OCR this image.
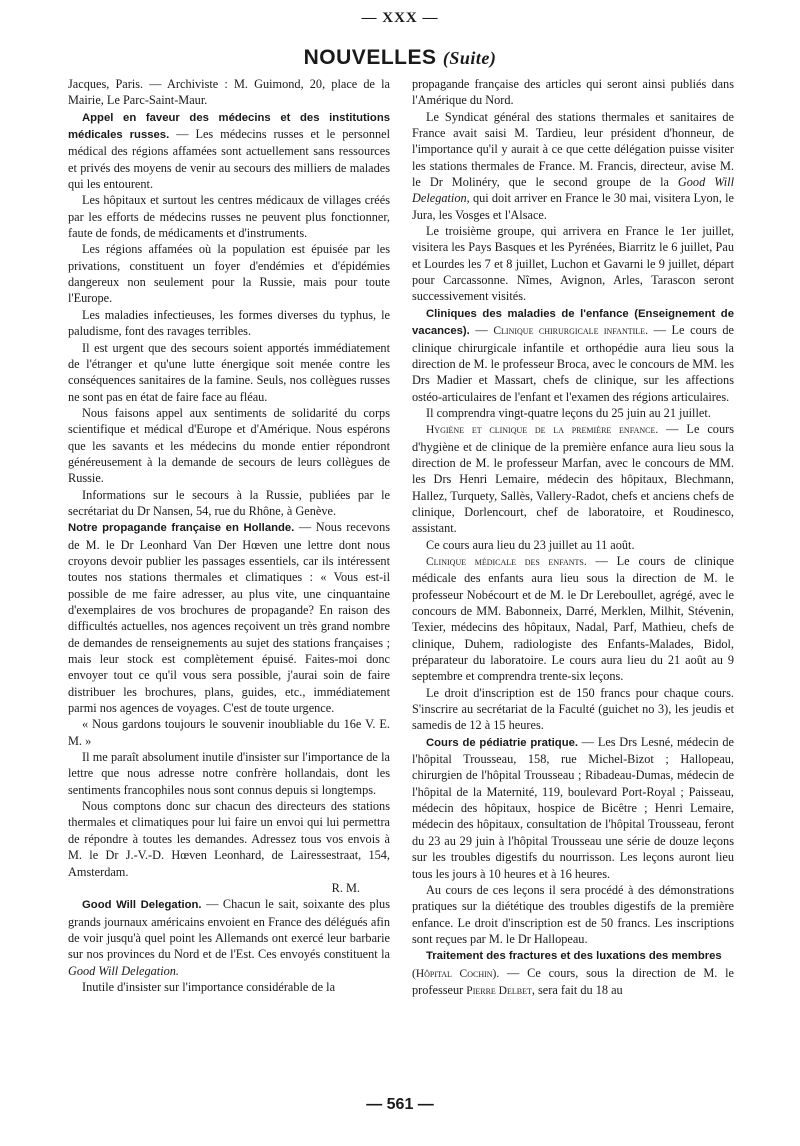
— XXX —
NOUVELLES (Suite)

Jacques, Paris. — Archiviste : M. Guimond, 20, place de la Mairie, Le Parc-Saint-Maur.

Appel en faveur des médecins et des institutions médicales russes. — Les médecins russes et le personnel médical des régions affamées sont actuellement sans ressources et privés des moyens de venir au secours des milliers de malades qui les entourent.

Les hôpitaux et surtout les centres médicaux de villages créés par les efforts de médecins russes ne peuvent plus fonctionner, faute de fonds, de médicaments et d'instruments.

Les régions affamées où la population est épuisée par les privations, constituent un foyer d'endémies et d'épidémies dangereux non seulement pour la Russie, mais pour toute l'Europe.

Les maladies infectieuses, les formes diverses du typhus, le paludisme, font des ravages terribles.

Il est urgent que des secours soient apportés immédiatement de l'étranger et qu'une lutte énergique soit menée contre les conséquences sanitaires de la famine. Seuls, nos collègues russes ne sont pas en état de faire face au fléau.

Nous faisons appel aux sentiments de solidarité du corps scientifique et médical d'Europe et d'Amérique. Nous espérons que les savants et les médecins du monde entier répondront généreusement à la demande de secours de leurs collègues de Russie.

Informations sur le secours à la Russie, publiées par le secrétariat du Dr Nansen, 54, rue du Rhône, à Genève.

Notre propagande française en Hollande. — Nous recevons de M. le Dr Leonhard Van Der Hœven une lettre dont nous croyons devoir publier les passages essentiels, car ils intéressent toutes nos stations thermales et climatiques : « Vous est-il possible de me faire adresser, au plus vite, une cinquantaine d'exemplaires de vos brochures de propagande? En raison des difficultés actuelles, nos agences reçoivent un très grand nombre de demandes de renseignements au sujet des stations françaises ; mais leur stock est complètement épuisé. Faites-moi donc envoyer tout ce qu'il vous sera possible, j'aurai soin de faire distribuer les brochures, plans, guides, etc., immédiatement parmi nos agences de voyages. C'est de toute urgence.

« Nous gardons toujours le souvenir inoubliable du 16e V. E. M. »

Il me paraît absolument inutile d'insister sur l'importance de la lettre que nous adresse notre confrère hollandais, dont les sentiments francophiles nous sont connus depuis si longtemps.

Nous comptons donc sur chacun des directeurs des stations thermales et climatiques pour lui faire un envoi qui lui permettra de répondre à toutes les demandes. Adressez tous vos envois à M. le Dr J.-V.-D. Hœven Leonhard, de Lairessestraat, 154, Amsterdam.

R. M.

Good Will Delegation. — Chacun le sait, soixante des plus grands journaux américains envoient en France des délégués afin de voir jusqu'à quel point les Allemands ont exercé leur barbarie sur nos provinces du Nord et de l'Est. Ces envoyés constituent la Good Will Delegation.

Inutile d'insister sur l'importance considérable de la

propagande française des articles qui seront ainsi publiés dans l'Amérique du Nord.

Le Syndicat général des stations thermales et sanitaires de France avait saisi M. Tardieu, leur président d'honneur, de l'importance qu'il y aurait à ce que cette délégation puisse visiter les stations thermales de France. M. Francis, directeur, avise M. le Dr Molinéry, que le second groupe de la Good Will Delegation, qui doit arriver en France le 30 mai, visitera Lyon, le Jura, les Vosges et l'Alsace.

Le troisième groupe, qui arrivera en France le 1er juillet, visitera les Pays Basques et les Pyrénées, Biarritz le 6 juillet, Pau et Lourdes les 7 et 8 juillet, Luchon et Gavarni le 9 juillet, départ pour Carcassonne. Nîmes, Avignon, Arles, Tarascon seront successivement visités.

Cliniques des maladies de l'enfance (Enseignement de vacances). — Clinique chirurgicale infantile. — Le cours de clinique chirurgicale infantile et orthopédie aura lieu sous la direction de M. le professeur Broca, avec le concours de MM. les Drs Madier et Massart, chefs de clinique, sur les affections ostéo-articulaires de l'enfant et l'examen des régions articulaires.

Il comprendra vingt-quatre leçons du 25 juin au 21 juillet.

Hygiène et clinique de la première enfance. — Le cours d'hygiène et de clinique de la première enfance aura lieu sous la direction de M. le professeur Marfan, avec le concours de MM. les Drs Henri Lemaire, médecin des hôpitaux, Blechmann, Hallez, Turquety, Sallès, Vallery-Radot, chefs et anciens chefs de clinique, Dorlencourt, chef de laboratoire, et Roudinesco, assistant.

Ce cours aura lieu du 23 juillet au 11 août.

Clinique médicale des enfants. — Le cours de clinique médicale des enfants aura lieu sous la direction de M. le professeur Nobécourt et de M. le Dr Lereboullet, agrégé, avec le concours de MM. Babonneix, Darré, Merklen, Milhit, Stévenin, Texier, médecins des hôpitaux, Nadal, Parf, Mathieu, chefs de clinique, Duhem, radiologiste des Enfants-Malades, Bidol, préparateur du laboratoire. Le cours aura lieu du 21 août au 9 septembre et comprendra trente-six leçons.

Le droit d'inscription est de 150 francs pour chaque cours. S'inscrire au secrétariat de la Faculté (guichet no 3), les jeudis et samedis de 12 à 15 heures.

Cours de pédiatrie pratique. — Les Drs Lesné, médecin de l'hôpital Trousseau, 158, rue Michel-Bizot ; Hallopeau, chirurgien de l'hôpital Trousseau ; Ribadeau-Dumas, médecin de l'hôpital de la Maternité, 119, boulevard Port-Royal ; Paisseau, médecin des hôpitaux, hospice de Bicêtre ; Henri Lemaire, médecin des hôpitaux, consultation de l'hôpital Trousseau, feront du 23 au 29 juin à l'hôpital Trousseau une série de douze leçons sur les troubles digestifs du nourrisson. Les leçons auront lieu tous les jours à 10 heures et à 16 heures.

Au cours de ces leçons il sera procédé à des démonstrations pratiques sur la diététique des troubles digestifs de la première enfance. Le droit d'inscription est de 50 francs. Les inscriptions sont reçues par M. le Dr Hallopeau.

Traitement des fractures et des luxations des membres
(Hôpital Cochin). — Ce cours, sous la direction de M. le professeur Pierre Delbet, sera fait du 18 au

— 561 —
